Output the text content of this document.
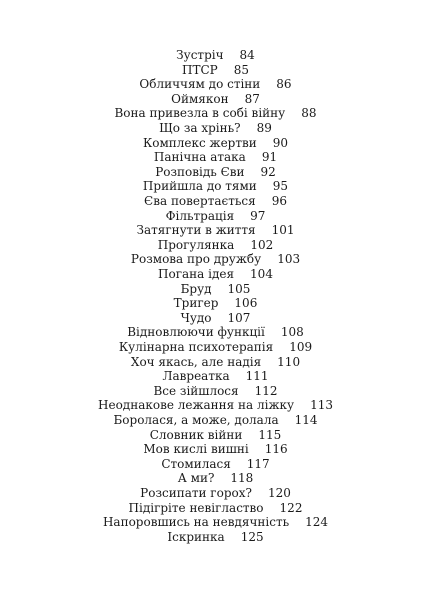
Зустріч 84
ПТСР 85
Обличчям до стіни 86
Оймякон 87
Вона привезла в собі війну 88
Що за хрінь? 89
Комплекс жертви 90
Панічна атака 91
Розповідь Єви 92
Прийшла до тями 95
Єва повертається 96
Фільтрація 97
Затягнути в життя 101
Прогулянка 102
Розмова про дружбу 103
Погана ідея 104
Бруд 105
Тригер 106
Чудо 107
Відновлюючи функції 108
Кулінарна психотерапія 109
Хоч якась, але надія 110
Лавреатка 111
Все зійшлося 112
Неоднакове лежання на ліжку 113
Боролася, а може, долала 114
Словник війни 115
Мов кислі вишні 116
Стомилася 117
А ми? 118
Розсипати горох? 120
Підігріте невігластво 122
Напоровшись на невдячність 124
Іскринка 125
